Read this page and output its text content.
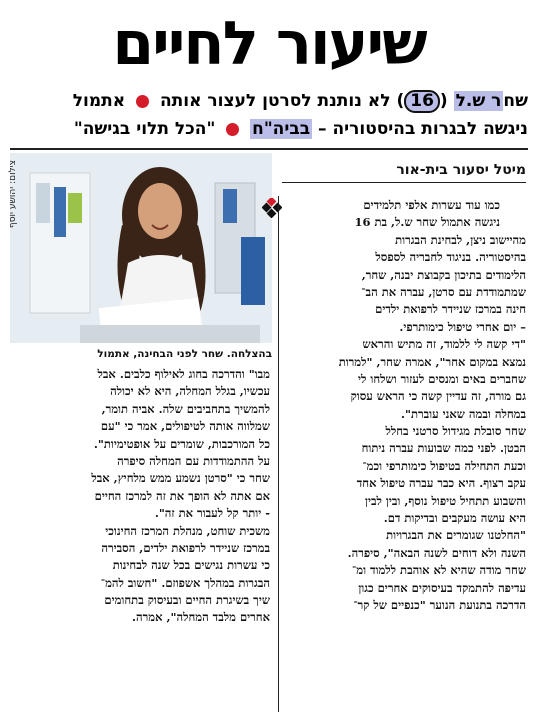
שיעור לחיים
שחר ש.ל (16) לא נותנת לסרטן לעצור אותה  אתמול
ניגשה לבגרות בהיסטוריה – בביה"ח  "הכל תלוי בגישה"
מיטל יסעור בית-אור
צילום: יהושע יוסף
בהצלחה. שחר לפני הבחינה, אתמול
כמו עוד עשרות אלפי תלמידים
ניגשה אתמול שחר ש.ל, בת 16
מהיישוב ניצן, לבחינת הבגרות
בהיסטוריה. בניגוד לחבריה לספסל
הלימודים בתיכון בקבוצת יבנה, שחר,
שמתמודדת עם סרטן, עברה את הב־
חינה במרכז שניידר לרפואת ילדים
– יום אחרי טיפול כימותרפי.
"די קשה לי ללמוד, זה מתיש והראש
נמצא במקום אחר", אמרה שחר, "למרות
שחברים באים ומנסים לעזור ושלחו לי
גם מורה, זה עדיין קשה כי הראש עסוק
במחלה ובמה שאני עוברת".
שחר סובלת מגידול סרטני בחלל
הבטן. לפני כמה שבועות עברה ניתוח
וכעת התחילה בטיפול כימותרפי וכמ־
עקב רצוף. היא כבר עברה טיפול אחד
והשבוע תתחיל טיפול נוסף, ובין לבין
היא עושה מעקבים ובדיקות דם.
"החלטנו שגומרים את הבגרויות
השנה ולא דוחים לשנה הבאה", סיפרה.
שחר מודה שהיא לא אוהבת ללמוד ומ־
עדיפה להתמקד בעיסוקים אחרים כגון
הדרכה בתנועת הנוער "כנפיים של קר־
מבו" והדרכה בחוג לאילוף כלבים. אבל
עכשיו, בגלל המחלה, היא לא יכולה
להמשיך בתחביבים שלה. אביה תומר,
שמלווה אותה לטיפולים, אמר כי "עם
כל המורכבות, שומרים על אופטימיות".
על ההתמודדות עם המחלה סיפרה
שחר כי "סרטן נשמע ממש מלחיץ, אבל
אם אתה לא הופך את זה למרכז החיים
- יותר קל לעבור את זה".
משכית שוחט, מנהלת המרכז החינוכי
במרכז שניידר לרפואת ילדים, הסבירה
כי עשרות נגישים בכל שנה לבחינות
הבגרות במהלך אשפוזם. "חשוב להמ־
שיך בשיגרת החיים ובעיסוק בתחומים
אחרים מלבד המחלה", אמרה.
